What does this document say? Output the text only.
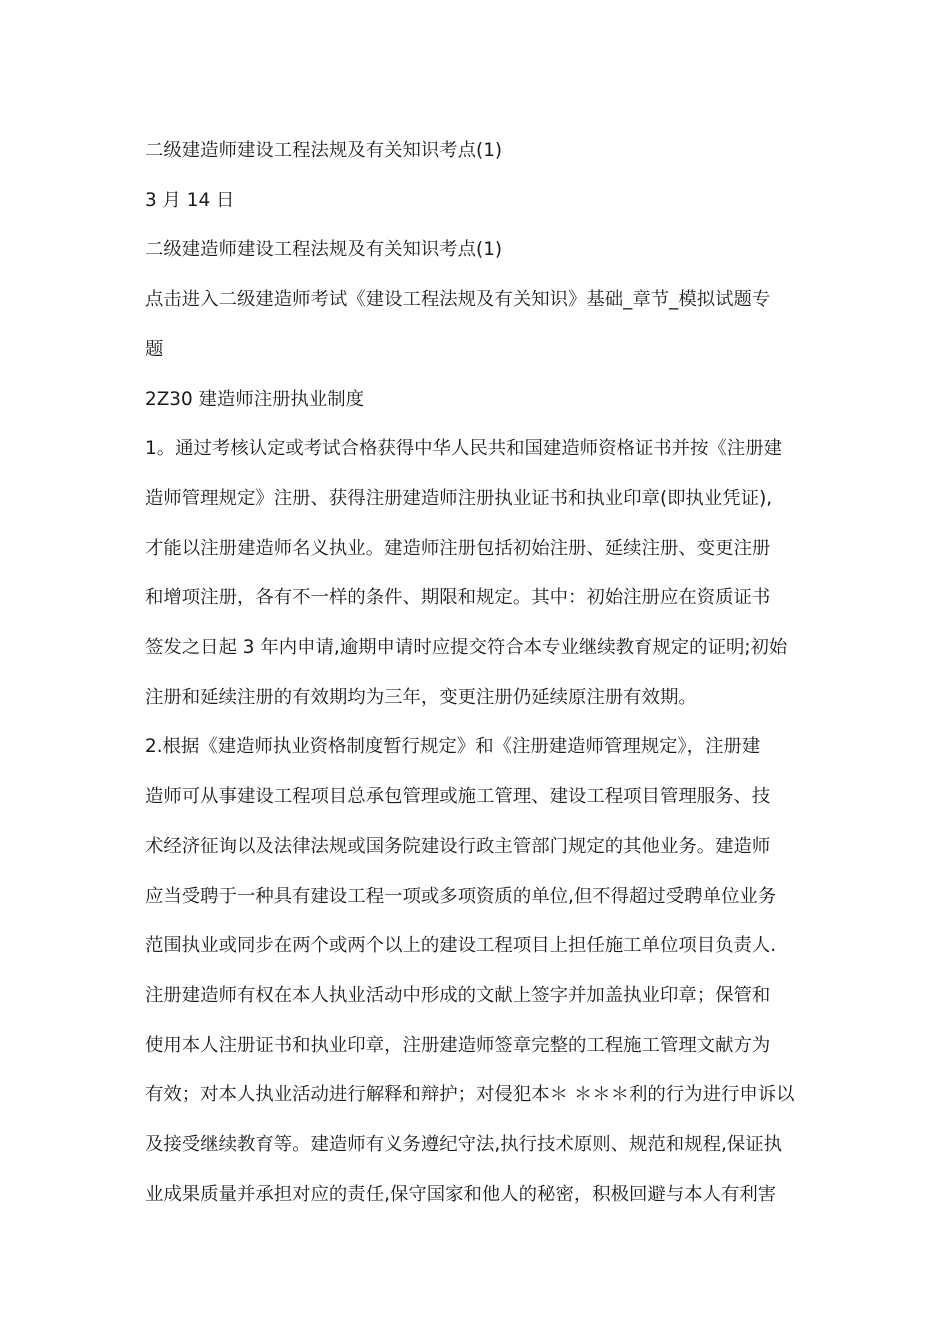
二级建造师建设工程法规及有关知识考点(1)

3 月 14 日

二级建造师建设工程法规及有关知识考点(1)

点击进入二级建造师考试《建设工程法规及有关知识》基础_章节_模拟试题专
题

2Z30 建造师注册执业制度

1。通过考核认定或考试合格获得中华人民共和国建造师资格证书并按《注册建
造师管理规定》注册、获得注册建造师注册执业证书和执业印章(即执业凭证),
才能以注册建造师名义执业。建造师注册包括初始注册、延续注册、变更注册
和增项注册，各有不一样的条件、期限和规定。其中：初始注册应在资质证书
签发之日起 3 年内申请,逾期申请时应提交符合本专业继续教育规定的证明;初始
注册和延续注册的有效期均为三年，变更注册仍延续原注册有效期。

2.根据《建造师执业资格制度暂行规定》和《注册建造师管理规定》，注册建
造师可从事建设工程项目总承包管理或施工管理、建设工程项目管理服务、技
术经济征询以及法律法规或国务院建设行政主管部门规定的其他业务。建造师
应当受聘于一种具有建设工程一项或多项资质的单位,但不得超过受聘单位业务
范围执业或同步在两个或两个以上的建设工程项目上担任施工单位项目负责人.
注册建造师有权在本人执业活动中形成的文献上签字并加盖执业印章；保管和
使用本人注册证书和执业印章，注册建造师签章完整的工程施工管理文献方为
有效；对本人执业活动进行解释和辩护；对侵犯本＊ ＊＊＊利的行为进行申诉以
及接受继续教育等。建造师有义务遵纪守法,执行技术原则、规范和规程,保证执
业成果质量并承担对应的责任,保守国家和他人的秘密，积极回避与本人有利害
